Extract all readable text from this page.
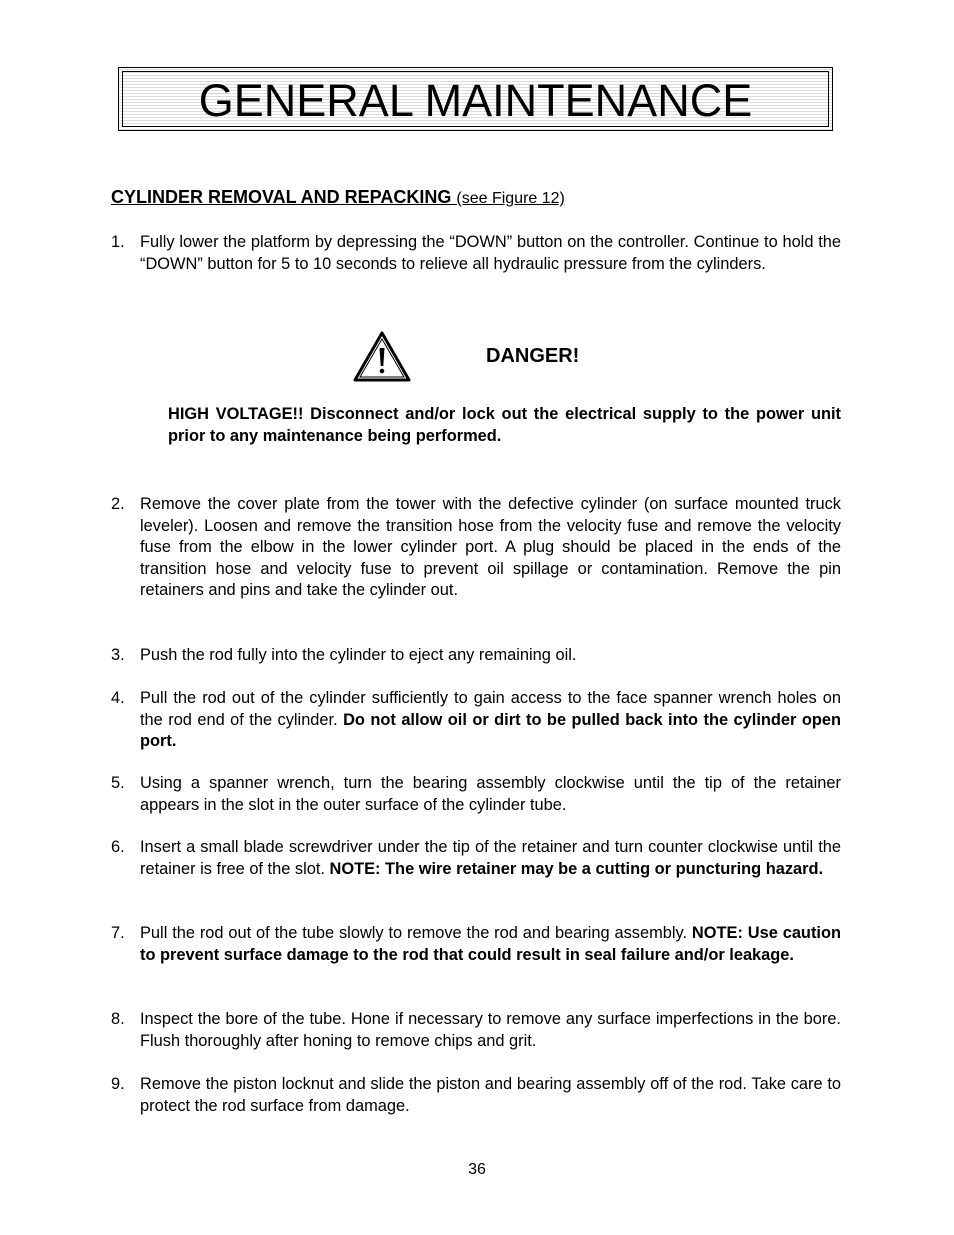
GENERAL MAINTENANCE
CYLINDER REMOVAL AND REPACKING (see Figure 12)
1. Fully lower the platform by depressing the “DOWN” button on the controller. Continue to hold the “DOWN” button for 5 to 10 seconds to relieve all hydraulic pressure from the cylinders.
DANGER!
HIGH VOLTAGE!! Disconnect and/or lock out the electrical supply to the power unit prior to any maintenance being performed.
2. Remove the cover plate from the tower with the defective cylinder (on surface mounted truck leveler). Loosen and remove the transition hose from the velocity fuse and remove the velocity fuse from the elbow in the lower cylinder port. A plug should be placed in the ends of the transition hose and velocity fuse to prevent oil spillage or contamination. Remove the pin retainers and pins and take the cylinder out.
3. Push the rod fully into the cylinder to eject any remaining oil.
4. Pull the rod out of the cylinder sufficiently to gain access to the face spanner wrench holes on the rod end of the cylinder. Do not allow oil or dirt to be pulled back into the cylinder open port.
5. Using a spanner wrench, turn the bearing assembly clockwise until the tip of the retainer appears in the slot in the outer surface of the cylinder tube.
6. Insert a small blade screwdriver under the tip of the retainer and turn counter clockwise until the retainer is free of the slot. NOTE: The wire retainer may be a cutting or puncturing hazard.
7. Pull the rod out of the tube slowly to remove the rod and bearing assembly. NOTE: Use caution to prevent surface damage to the rod that could result in seal failure and/or leakage.
8. Inspect the bore of the tube. Hone if necessary to remove any surface imperfections in the bore. Flush thoroughly after honing to remove chips and grit.
9. Remove the piston locknut and slide the piston and bearing assembly off of the rod. Take care to protect the rod surface from damage.
36
